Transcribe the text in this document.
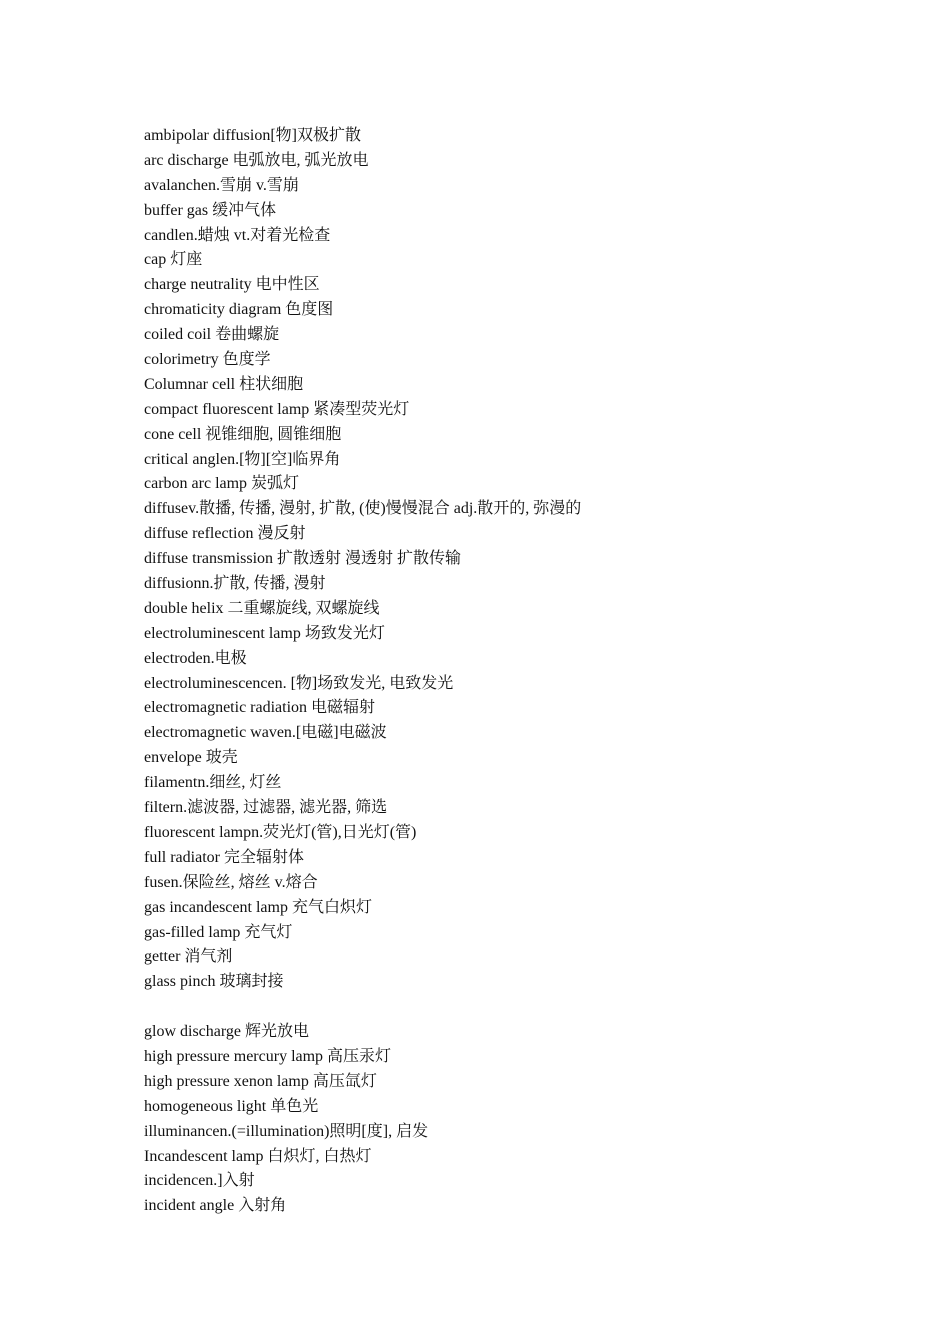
ambipolar diffusion[物]双极扩散
arc discharge 电弧放电, 弧光放电
avalanchen.雪崩 v.雪崩
buffer gas 缓冲气体
candlen.蜡烛 vt.对着光检查
cap 灯座
charge neutrality 电中性区
chromaticity diagram 色度图
coiled coil 卷曲螺旋
colorimetry 色度学
Columnar cell 柱状细胞
compact fluorescent lamp 紧凑型荧光灯
cone cell 视锥细胞, 圆锥细胞
critical anglen.[物][空]临界角
carbon arc lamp 炭弧灯
diffusev.散播, 传播, 漫射, 扩散, (使)慢慢混合 adj.散开的, 弥漫的
diffuse reflection 漫反射
diffuse transmission 扩散透射 漫透射 扩散传输
diffusionn.扩散, 传播, 漫射
double helix 二重螺旋线, 双螺旋线
electroluminescent lamp 场致发光灯
electroden.电极
electroluminescencen. [物]场致发光, 电致发光
electromagnetic radiation 电磁辐射
electromagnetic waven.[电磁]电磁波
envelope 玻壳
filamentn.细丝, 灯丝
filtern.滤波器, 过滤器, 滤光器, 筛选
fluorescent lampn.荧光灯(管),日光灯(管)
full radiator 完全辐射体
fusen.保险丝, 熔丝 v.熔合
gas incandescent lamp 充气白炽灯
gas-filled lamp 充气灯
getter 消气剂
glass pinch 玻璃封接
glow discharge 辉光放电
high pressure mercury lamp 高压汞灯
high pressure xenon lamp 高压氙灯
homogeneous light 单色光
illuminancen.(=illumination)照明[度], 启发
Incandescent lamp 白炽灯, 白热灯
incidencen.]入射
incident angle 入射角
